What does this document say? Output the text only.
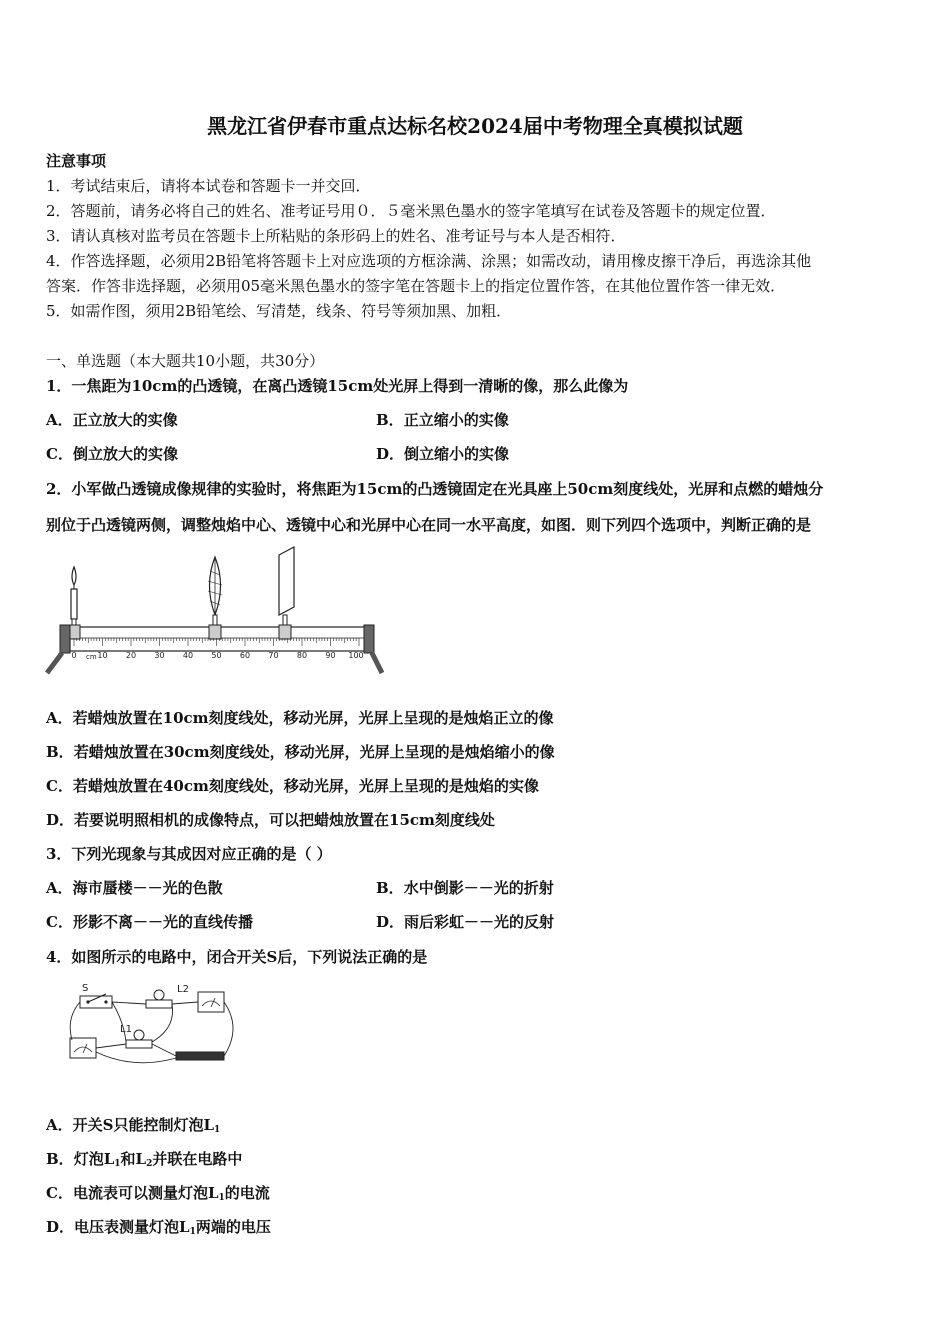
黑龙江省伊春市重点达标名校2024届中考物理全真模拟试题
注意事项
1．考试结束后，请将本试卷和答题卡一并交回．
2．答题前，请务必将自己的姓名、准考证号用０．５毫米黑色墨水的签字笔填写在试卷及答题卡的规定位置．
3．请认真核对监考员在答题卡上所粘贴的条形码上的姓名、准考证号与本人是否相符．
4．作答选择题，必须用2B铅笔将答题卡上对应选项的方框涂满、涂黑；如需改动，请用橡皮擦干净后，再选涂其他
答案．作答非选择题，必须用05毫米黑色墨水的签字笔在答题卡上的指定位置作答，在其他位置作答一律无效．
5．如需作图，须用2B铅笔绘、写清楚，线条、符号等须加黑、加粗．
一、单选题（本大题共10小题，共30分）
1．一焦距为10cm的凸透镜，在离凸透镜15cm处光屏上得到一清晰的像，那么此像为
A．正立放大的实像	B．正立缩小的实像
C．倒立放大的实像	D．倒立缩小的实像
2．小军做凸透镜成像规律的实验时，将焦距为15cm的凸透镜固定在光具座上50cm刻度线处，光屏和点燃的蜡烛分
别位于凸透镜两侧，调整烛焰中心、透镜中心和光屏中心在同一水平高度，如图．则下列四个选项中，判断正确的是
0	10 20 30 40 50 60 70 80 90 100
cm
A．若蜡烛放置在10cm刻度线处，移动光屏，光屏上呈现的是烛焰正立的像
B．若蜡烛放置在30cm刻度线处，移动光屏，光屏上呈现的是烛焰缩小的像
C．若蜡烛放置在40cm刻度线处，移动光屏，光屏上呈现的是烛焰的实像
D．若要说明照相机的成像特点，可以把蜡烛放置在15cm刻度线处
3．下列光现象与其成因对应正确的是（ ）
A．海市蜃楼－－光的色散	B．水中倒影－－光的折射
C．形影不离－－光的直线传播	D．雨后彩虹－－光的反射
4．如图所示的电路中，闭合开关S后，下列说法正确的是
S	L2
L1
A．开关S只能控制灯泡$L_1$
B．灯泡$L_1$和$L_2$并联在电路中
C．电流表可以测量灯泡$L_1$的电流
D．电压表测量灯泡$L_1$两端的电压
